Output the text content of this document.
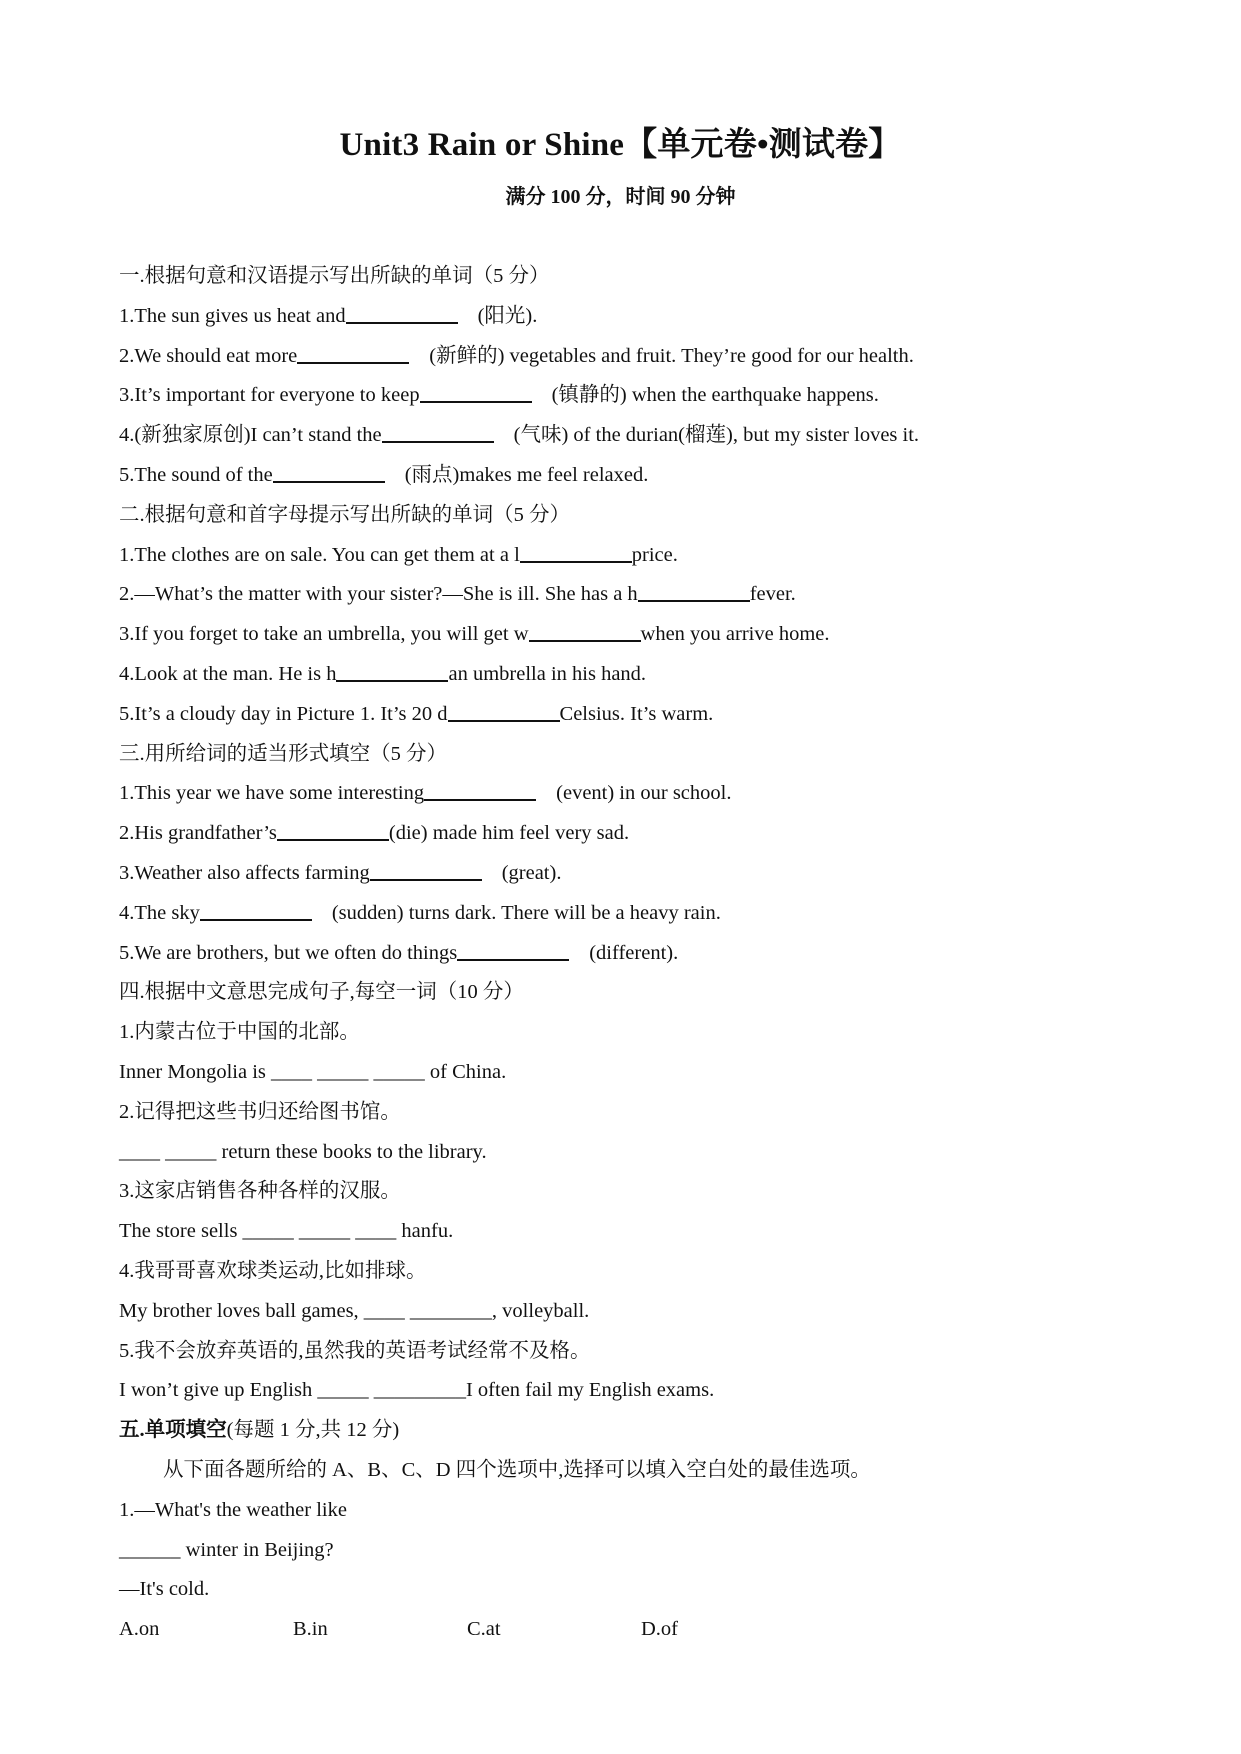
Unit3 Rain or Shine【单元卷•测试卷】
满分 100 分，时间 90 分钟
一.根据句意和汉语提示写出所缺的单词（5 分）
1.The sun gives us heat and	(阳光).
2.We should eat more	(新鲜的) vegetables and fruit. They’re good for our health.
3.It’s important for everyone to keep	(镇静的) when the earthquake happens.
4.(新独家原创)I can’t stand the	(气味) of the durian(榴莲), but my sister loves it.
5.The sound of the	(雨点)makes me feel relaxed.
二.根据句意和首字母提示写出所缺的单词（5 分）
1.The clothes are on sale. You can get them at a l	price.
2.—What’s the matter with your sister?—She is ill. She has a h	fever.
3.If you forget to take an umbrella, you will get w	when you arrive home.
4.Look at the man. He is h	an umbrella in his hand.
5.It’s a cloudy day in Picture 1. It’s 20 d	Celsius. It’s warm.
三.用所给词的适当形式填空（5 分）
1.This year we have some interesting	(event) in our school.
2.His grandfather’s	(die) made him feel very sad.
3.Weather also affects farming	(great).
4.The sky	(sudden) turns dark. There will be a heavy rain.
5.We are brothers, but we often do things	(different).
四.根据中文意思完成句子,每空一词（10 分）
1.内蒙古位于中国的北部。
Inner Mongolia is ____ _____ _____ of China.
2.记得把这些书归还给图书馆。
____ _____ return these books to the library.
3.这家店销售各种各样的汉服。
The store sells _____ _____ ____ hanfu.
4.我哥哥喜欢球类运动,比如排球。
My brother loves ball games, ____ ________, volleyball.
5.我不会放弃英语的,虽然我的英语考试经常不及格。
I won’t give up English _____ _________I often fail my English exams.
五.单项填空(每题 1 分,共 12 分)
从下面各题所给的 A、B、C、D 四个选项中,选择可以填入空白处的最佳选项。
1.—What's the weather like
______ winter in Beijing?
—It's cold.
A.on	B.in	C.at	D.of
